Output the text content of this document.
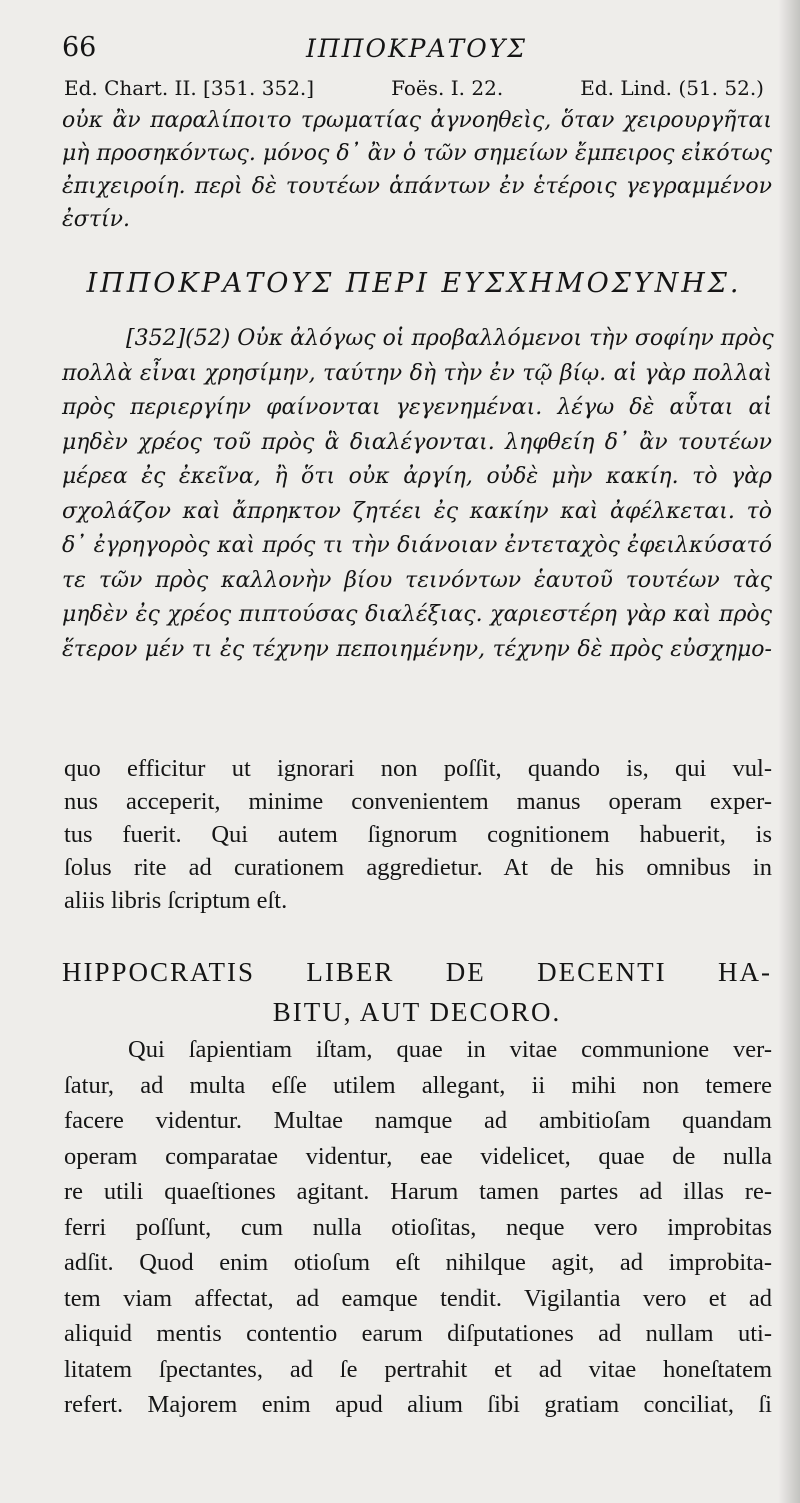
66	ΙΠΠΟΚΡΑΤΟΥΣ
Ed. Chart. II. [351. 352.]	Foës. I. 22.	Ed. Lind. (51. 52.)
οὐκ ἂν παραλίποιτο τρωματίας ἀγνοηθεὶς, ὅταν χειρουργῆται
μὴ προσηκόντως. μόνος δ᾽ ἂν ὁ τῶν σημείων ἔμπειρος εἰκότως
ἐπιχειροίη. περὶ δὲ τουτέων ἁπάντων ἐν ἑτέροις γεγραμμένον
ἐστίν.
ΙΠΠΟΚΡΑΤΟΥΣ ΠΕΡΙ ΕΥΣΧΗΜΟΣΥΝΗΣ.
[352](52) Οὐκ ἀλόγως οἱ προβαλλόμενοι τὴν σοφίην πρὸς
πολλὰ εἶναι χρησίμην, ταύτην δὴ τὴν ἐν τῷ βίῳ. αἱ γὰρ πολλαὶ
πρὸς περιεργίην φαίνονται γεγενημέναι. λέγω δὲ αὗται αἱ
μηδὲν χρέος τοῦ πρὸς ἃ διαλέγονται. ληφθείη δ᾽ ἂν τουτέων
μέρεα ἐς ἐκεῖνα, ἢ ὅτι οὐκ ἀργίη, οὐδὲ μὴν κακίη. τὸ γὰρ
σχολάζον καὶ ἄπρηκτον ζητέει ἐς κακίην καὶ ἀφέλκεται. τὸ
δ᾽ ἐγρηγορὸς καὶ πρός τι τὴν διάνοιαν ἐντεταχὸς ἐφειλκύσατό
τε τῶν πρὸς καλλονὴν βίου τεινόντων ἑαυτοῦ τουτέων τὰς
μηδὲν ἐς χρέος πιπτούσας διαλέξιας. χαριεστέρη γὰρ καὶ πρὸς
ἕτερον μέν τι ἐς τέχνην πεποιημένην, τέχνην δὲ πρὸς εὐσχημο-
quo efficitur ut ignorari non poſſit, quando is, qui vul-
nus acceperit, minime convenientem manus operam exper-
tus fuerit. Qui autem ſignorum cognitionem habuerit, is
ſolus rite ad curationem aggredietur. At de his omnibus in
aliis libris ſcriptum eſt.
HIPPOCRATIS LIBER DE DECENTI HA-
BITU, AUT DECORO.
Qui ſapientiam iſtam, quae in vitae communione ver-
ſatur, ad multa eſſe utilem allegant, ii mihi non temere
facere videntur. Multae namque ad ambitioſam quandam
operam comparatae videntur, eae videlicet, quae de nulla
re utili quaeſtiones agitant. Harum tamen partes ad illas re-
ferri poſſunt, cum nulla otioſitas, neque vero improbitas
adſit. Quod enim otioſum eſt nihilque agit, ad improbita-
tem viam affectat, ad eamque tendit. Vigilantia vero et ad
aliquid mentis contentio earum diſputationes ad nullam uti-
litatem ſpectantes, ad ſe pertrahit et ad vitae honeſtatem
refert. Majorem enim apud alium ſibi gratiam conciliat, ſi
